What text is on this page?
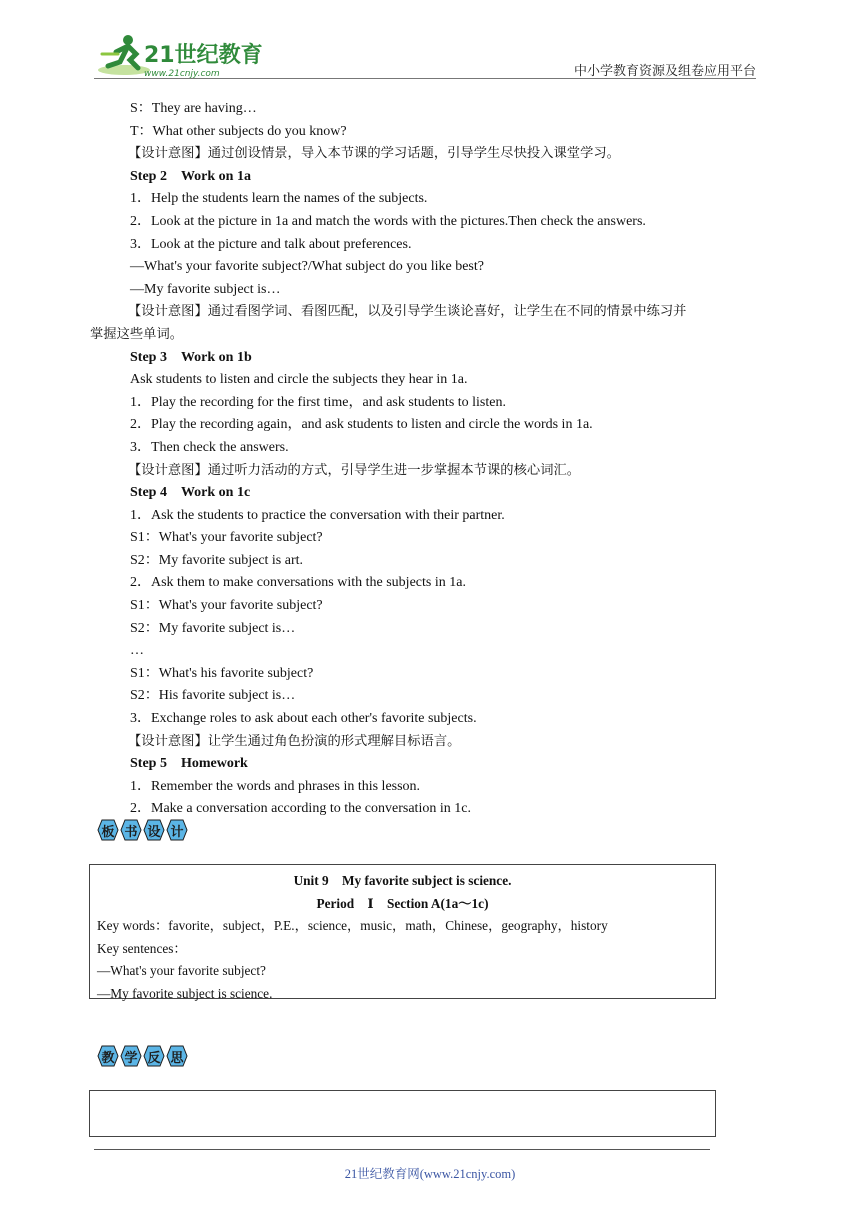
21世纪教育
www.21cnjy.com	中小学教育资源及组卷应用平台
S：They are having…
T：What other subjects do you know?
【设计意图】通过创设情景，导入本节课的学习话题，引导学生尽快投入课堂学习。
Step 2　Work on 1a
1．Help the students learn the names of the subjects.
2．Look at the picture in 1a and match the words with the pictures.Then check the answers.
3．Look at the picture and talk about preferences.
—What's your favorite subject?/What subject do you like best?
—My favorite subject is…
【设计意图】通过看图学词、看图匹配，以及引导学生谈论喜好，让学生在不同的情景中练习并
掌握这些单词。
Step 3　Work on 1b
Ask students to listen and circle the subjects they hear in 1a.
1．Play the recording for the first time，and ask students to listen.
2．Play the recording again，and ask students to listen and circle the words in 1a.
3．Then check the answers.
【设计意图】通过听力活动的方式，引导学生进一步掌握本节课的核心词汇。
Step 4　Work on 1c
1．Ask the students to practice the conversation with their partner.
S1：What's your favorite subject?
S2：My favorite subject is art.
2．Ask them to make conversations with the subjects in 1a.
S1：What's your favorite subject?
S2：My favorite subject is…
…
S1：What's his favorite subject?
S2：His favorite subject is…
3．Exchange roles to ask about each other's favorite subjects.
【设计意图】让学生通过角色扮演的形式理解目标语言。
Step 5　Homework
1．Remember the words and phrases in this lesson.
2．Make a conversation according to the conversation in 1c.
板 书 设 计
Unit 9　My favorite subject is science.
Period　Ⅰ　Section A(1a～1c)
Key words：favorite，subject，P.E.，science，music，math，Chinese，geography，history
Key sentences：
—What's your favorite subject?
—My favorite subject is science.
教 学 反 思
21世纪教育网(www.21cnjy.com)
